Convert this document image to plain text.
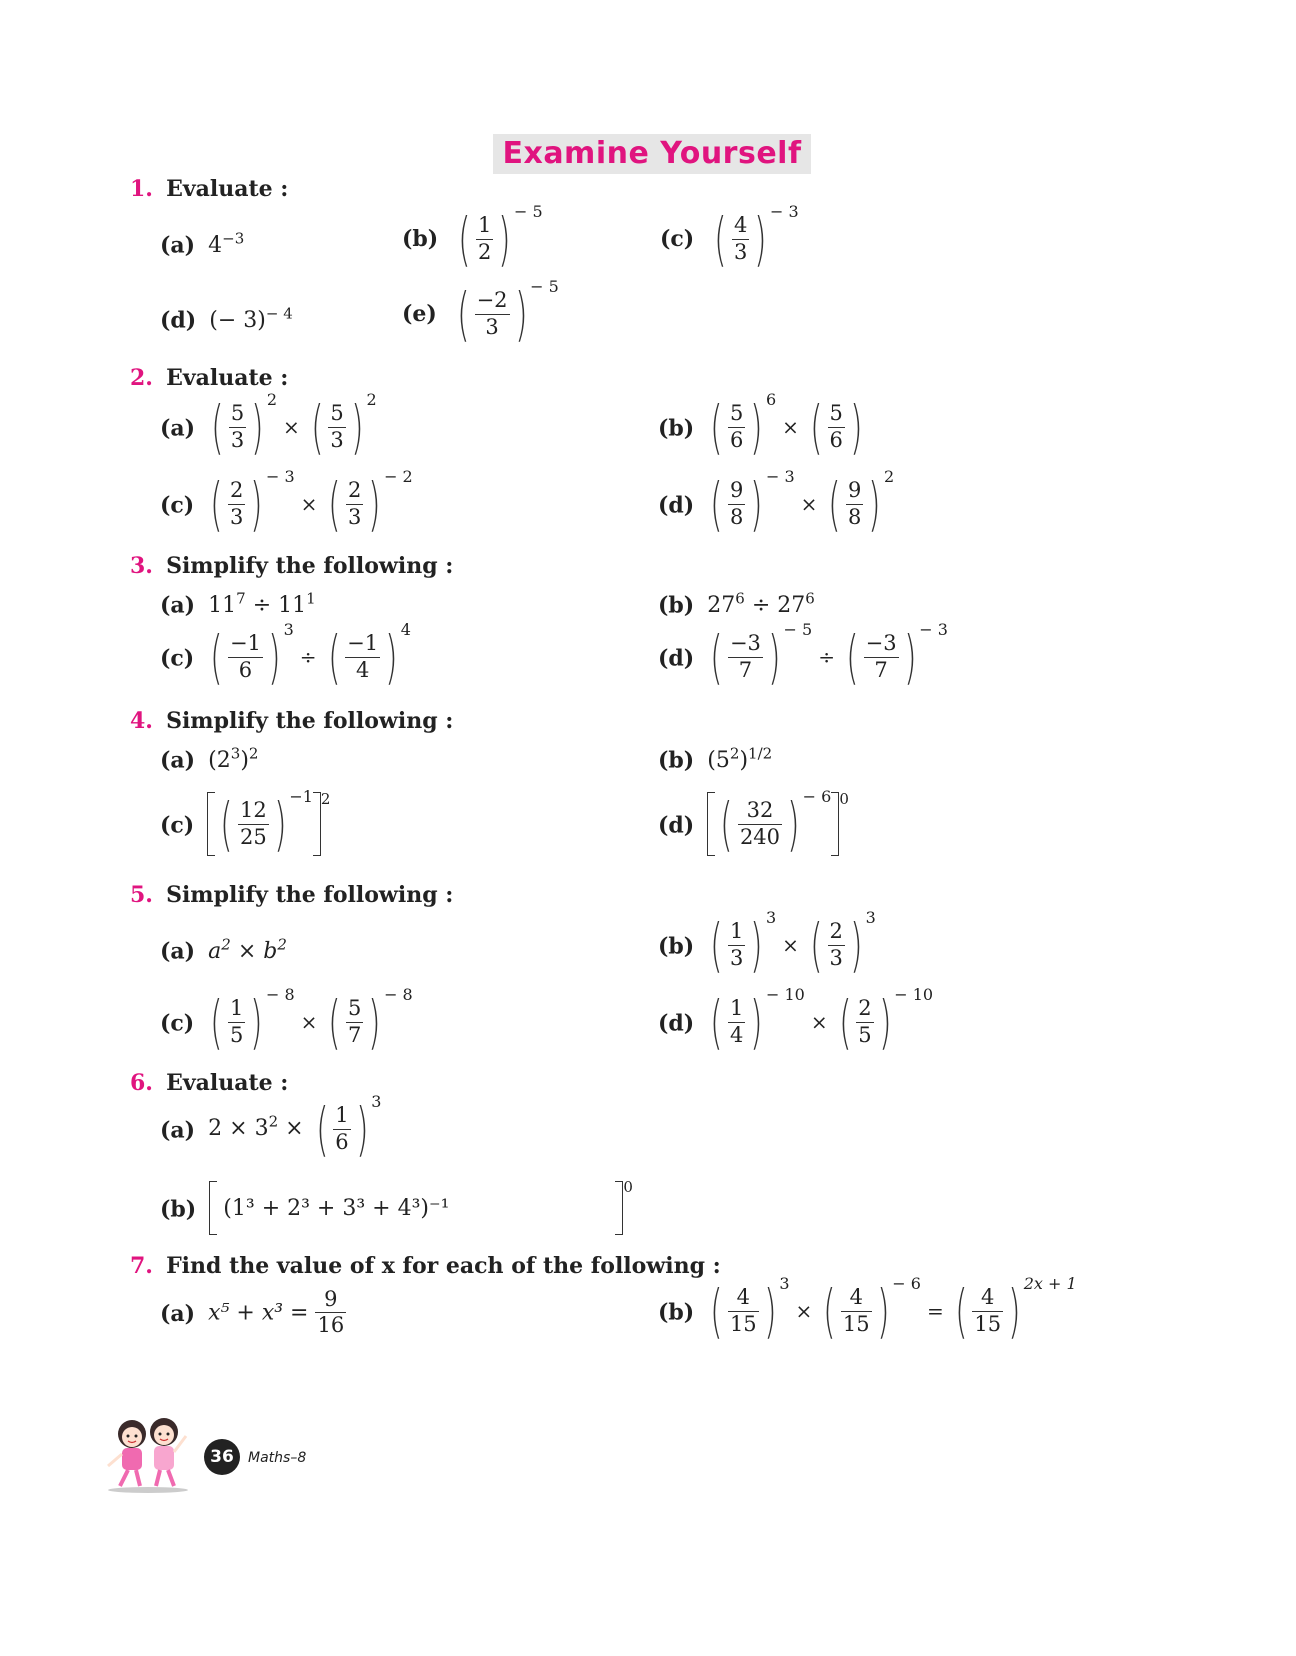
Examine Yourself
1. Evaluate :
(a) $4^{-3}$	(b) ( 1
2 ) − 5
(c) ( 4
3 ) − 3
(d) (− 3)$^{- 4}$	(e) ( −2
3 ) − 5
2. Evaluate :
(a) ( 5
3 ) 2
× ( 5
3 ) 2
(b) ( 5
6 ) 6
× ( 5
6 )
(c) ( 2
3 ) − 3
× ( 2
3 ) − 2
(d) ( 9
8 ) − 3
× ( 9
8 ) 2
3. Simplify the following :
(a) $11^7 \div 11^1$	(b) $27^6 \div 27^6$
(c) ( −1
6 ) 3
÷ ( −1
4 ) 4
(d) ( −3
7 ) − 5
÷ ( −3
7 ) − 3
4. Simplify the following :
(a) $(2^3)^2$	(b) $(5^2)^{1/2}$
(c) ( 12
25 ) −1 $^2$
(d) ( 32
240 ) − 6 $^0$
5. Simplify the following :
(a) $a^2 \times b^2$	(b) ( 1
3 ) 3
× ( 2
3 ) 3
(c) ( 1
5 ) − 8
× ( 5
7 ) − 8
(d) ( 1
4 ) − 10
× ( 2
5 ) − 10
6. Evaluate :
(a) $2 \times 3^2$ × ( 1
6 ) 3
(b) (1³ + 2³ + 3³ + 4³)⁻¹$^0$
7. Find the value of x for each of the following :
(a) x⁵ + x³ =
9
16	(b) ( 4
15 ) 3
× ( 4
15 ) − 6
= ( 4
15 ) 2x + 1
36	Maths–8
